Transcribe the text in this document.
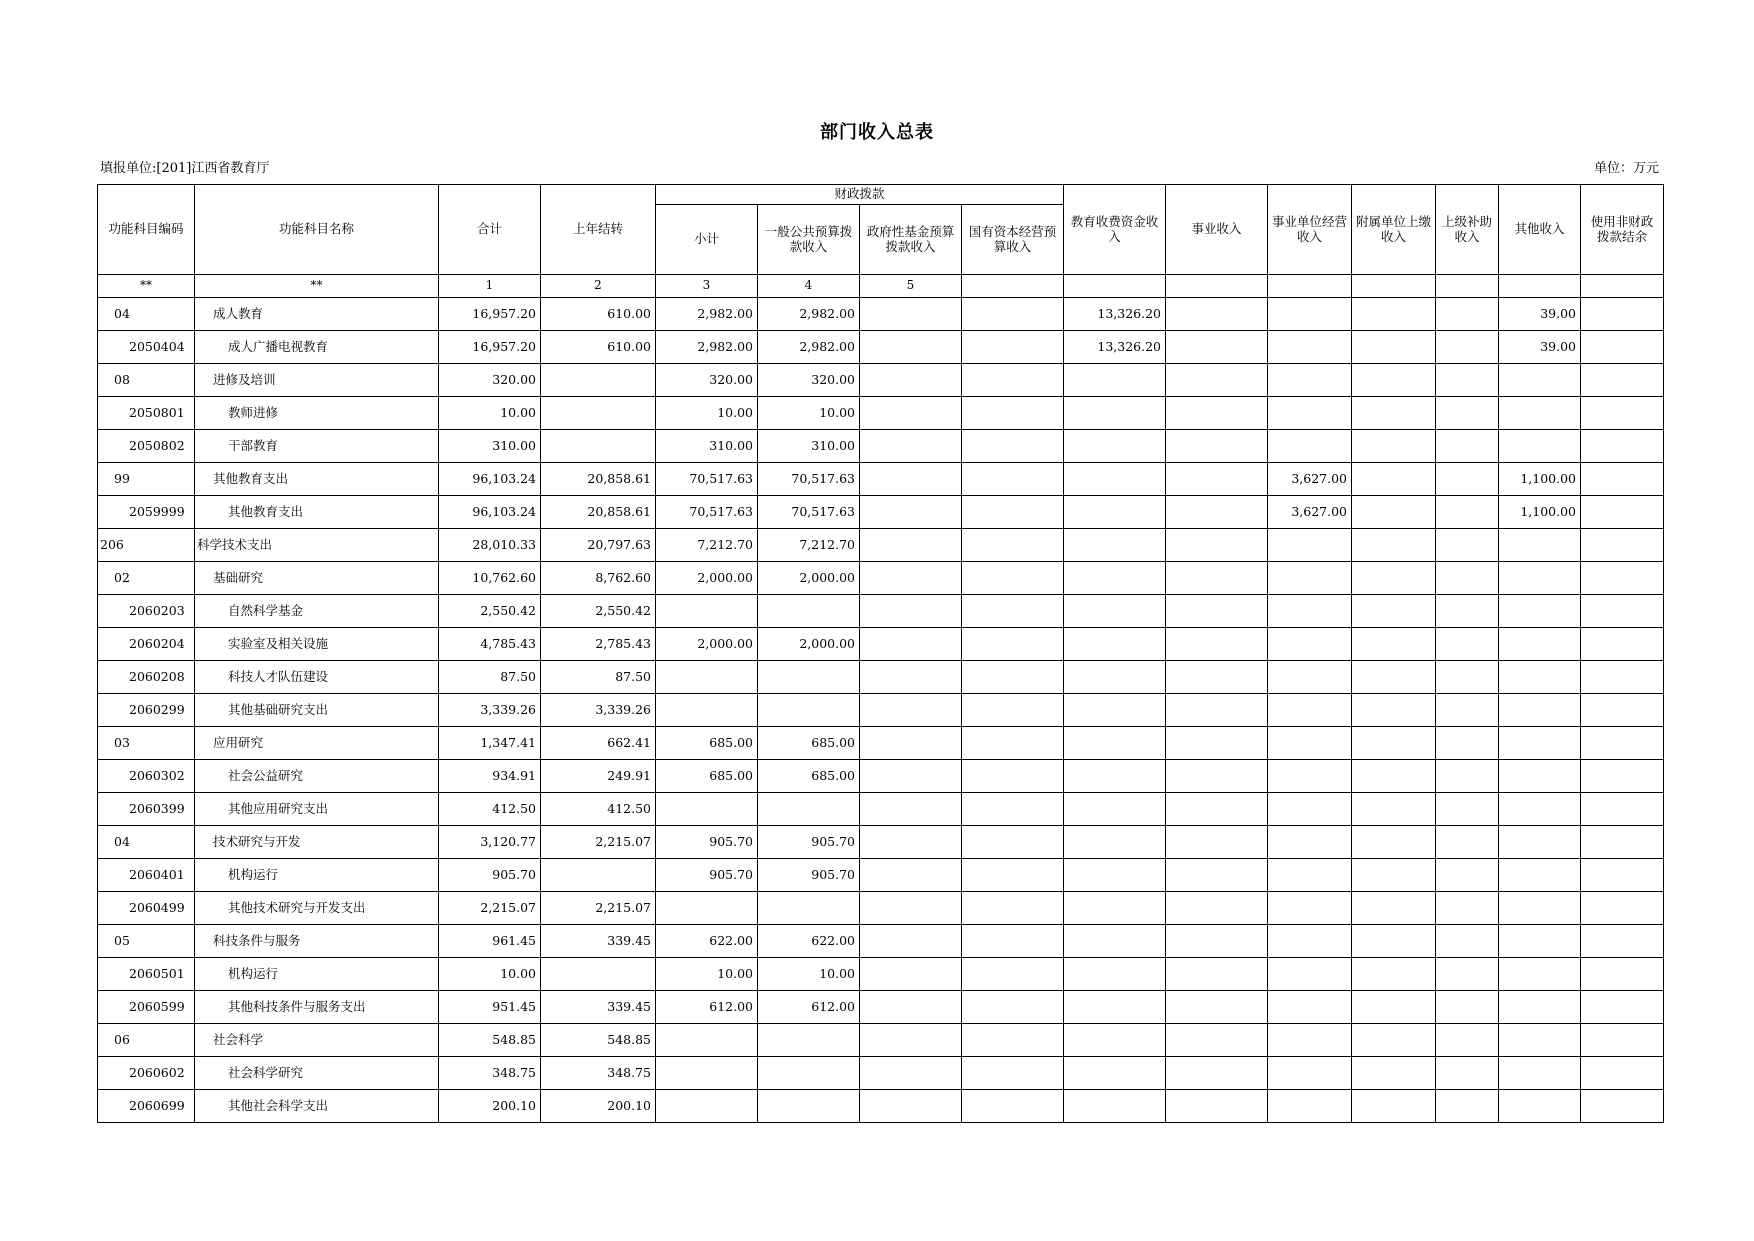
部门收入总表
填报单位:[201]江西省教育厅	单位：万元
功能科目编码	功能科目名称	合计	上年结转	财政拨款				教育收费资金收入	事业收入	事业单位经营收入	附属单位上缴收入	上级补助收入	其他收入	使用非财政拨款结余
				小计	一般公共预算拨款收入	政府性基金预算拨款收入	国有资本经营预算收入							
**	**	1	2	3	4	5								
04	成人教育	16,957.20	610.00	2,982.00	2,982.00			13,326.20					39.00	
2050404	成人广播电视教育	16,957.20	610.00	2,982.00	2,982.00			13,326.20					39.00	
08	进修及培训	320.00		320.00	320.00									
2050801	教师进修	10.00		10.00	10.00									
2050802	干部教育	310.00		310.00	310.00									
99	其他教育支出	96,103.24	20,858.61	70,517.63	70,517.63					3,627.00			1,100.00	
2059999	其他教育支出	96,103.24	20,858.61	70,517.63	70,517.63					3,627.00			1,100.00	
206	科学技术支出	28,010.33	20,797.63	7,212.70	7,212.70									
02	基础研究	10,762.60	8,762.60	2,000.00	2,000.00									
2060203	自然科学基金	2,550.42	2,550.42											
2060204	实验室及相关设施	4,785.43	2,785.43	2,000.00	2,000.00									
2060208	科技人才队伍建设	87.50	87.50											
2060299	其他基础研究支出	3,339.26	3,339.26											
03	应用研究	1,347.41	662.41	685.00	685.00									
2060302	社会公益研究	934.91	249.91	685.00	685.00									
2060399	其他应用研究支出	412.50	412.50											
04	技术研究与开发	3,120.77	2,215.07	905.70	905.70									
2060401	机构运行	905.70		905.70	905.70									
2060499	其他技术研究与开发支出	2,215.07	2,215.07											
05	科技条件与服务	961.45	339.45	622.00	622.00									
2060501	机构运行	10.00		10.00	10.00									
2060599	其他科技条件与服务支出	951.45	339.45	612.00	612.00									
06	社会科学	548.85	548.85											
2060602	社会科学研究	348.75	348.75											
2060699	其他社会科学支出	200.10	200.10											
